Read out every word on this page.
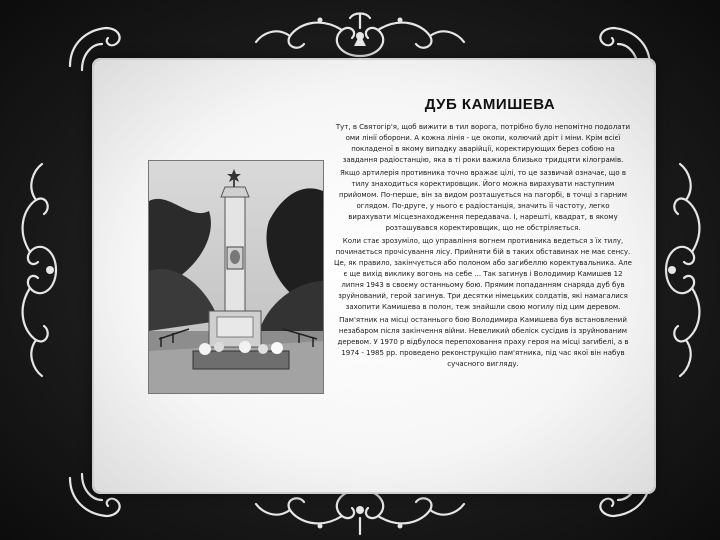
ДУБ КАМИШЕВА

Тут, в Святогір'я, щоб вижити в тил ворога, потрібно було непомітно подолати оми лінії оборони. А кожна лінія - це окопи, колючий дріт і міни. Крім всієї покладеної в якому випадку аварійції, коректирующих берез собою на завдання радіостанцію, яка в ті роки важила близько тридцяти кілограмів.

Якщо артилерія противника точно вражає цілі, то це зазвичай означає, що в тилу знаходиться коректировщик. Його можна вирахувати наступним прийомом. По-перше, він за видом розташується на пагорбі, в точці з гарним оглядом. По-друге, у нього є радіостанція, значить її частоту, легко вирахувати місцезнаходження передавача. І, нарешті, квадрат, в якому розташувався коректировщик, що не обстріляється.

Коли стає зрозуміло, що управління вогнем противника ведеться з їх тилу, починається прочісування лісу. Прийняти бій в таких обставинах не має сенсу. Це, як правило, закінчується або полоном або загибеллю коректувальника. Але є ще вихід виклику вогонь на себе ... Так загинув і Володимир Камишев 12 липня 1943 в своєму останньому бою. Прямим попаданням снаряда дуб був зруйнований, герой загинув. Три десятки німецьких солдатів, які намагалися захопити Камишева в полон, теж знайшли свою могилу під цим деревом.

Пам'ятник на місці останнього бою Володимира Камишева був встановлений незабаром після закінчення війни. Невеликий обеліск сусідив із зруйнованим деревом. У 1970 р відбулося перепоховання праху героя на місці загибелі, а в 1974 - 1985 рр. проведено реконструкцію пам'ятника, під час якої він набув сучасного вигляду.
